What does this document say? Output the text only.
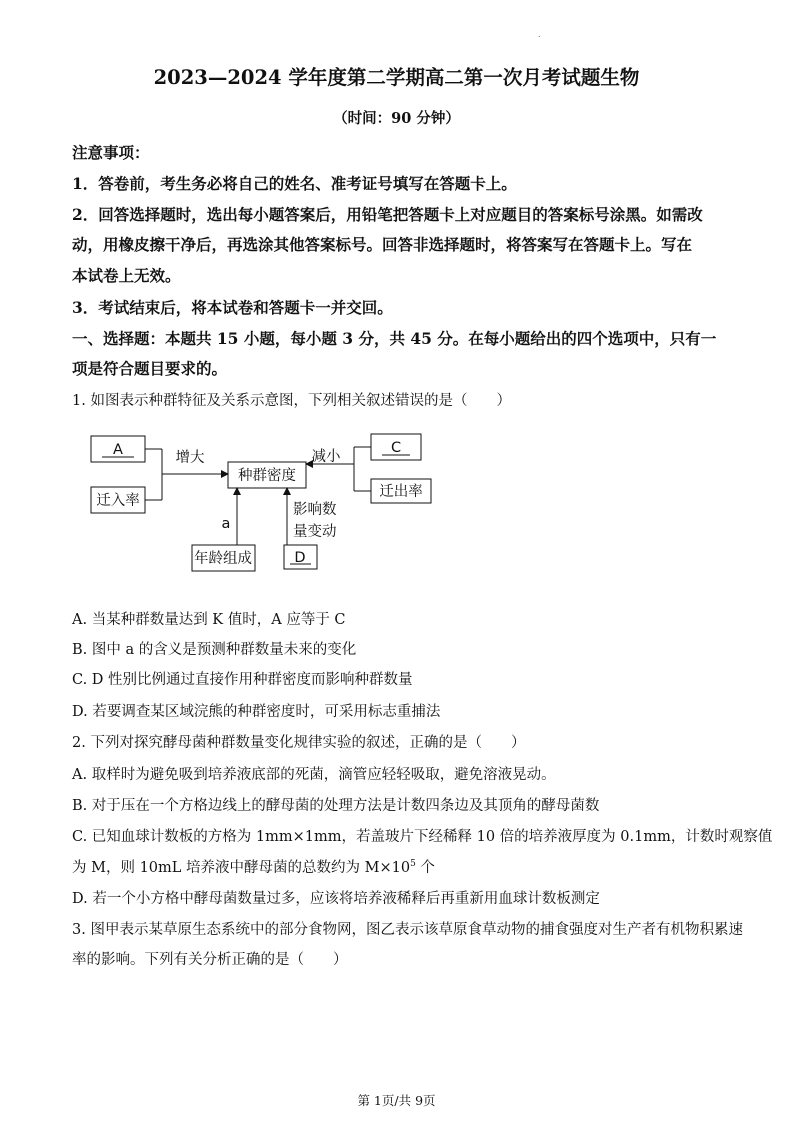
.
2023—2024 学年度第二学期高二第一次月考试题生物
（时间：90 分钟）
注意事项：
1．答卷前，考生务必将自己的姓名、准考证号填写在答题卡上。
2．回答选择题时，选出每小题答案后，用铅笔把答题卡上对应题目的答案标号涂黑。如需改
动，用橡皮擦干净后，再选涂其他答案标号。回答非选择题时，将答案写在答题卡上。写在
本试卷上无效。
3．考试结束后，将本试卷和答题卡一并交回。
一、选择题：本题共 15 小题，每小题 3 分，共 45 分。在每小题给出的四个选项中，只有一
项是符合题目要求的。
1. 如图表示种群特征及关系示意图，下列相关叙述错误的是（　　）
A
迁入率
增大
种群密度
C
迁出率
减小
年龄组成
a
D
影响数
量变动
A. 当某种群数量达到 K 值时，A 应等于 C
B. 图中 a 的含义是预测种群数量未来的变化
C. D 性别比例通过直接作用种群密度而影响种群数量
D. 若要调查某区域浣熊的种群密度时，可采用标志重捕法
2. 下列对探究酵母菌种群数量变化规律实验的叙述，正确的是（　　）
A. 取样时为避免吸到培养液底部的死菌，滴管应轻轻吸取，避免溶液晃动。
B. 对于压在一个方格边线上的酵母菌的处理方法是计数四条边及其顶角的酵母菌数
C. 已知血球计数板的方格为 1mm×1mm，若盖玻片下经稀释 10 倍的培养液厚度为 0.1mm，计数时观察值
为 M，则 10mL 培养液中酵母菌的总数约为 $M\times 10^5$ 个
D. 若一个小方格中酵母菌数量过多，应该将培养液稀释后再重新用血球计数板测定
3. 图甲表示某草原生态系统中的部分食物网，图乙表示该草原食草动物的捕食强度对生产者有机物积累速
率的影响。下列有关分析正确的是（　　）
第 1页/共 9页
